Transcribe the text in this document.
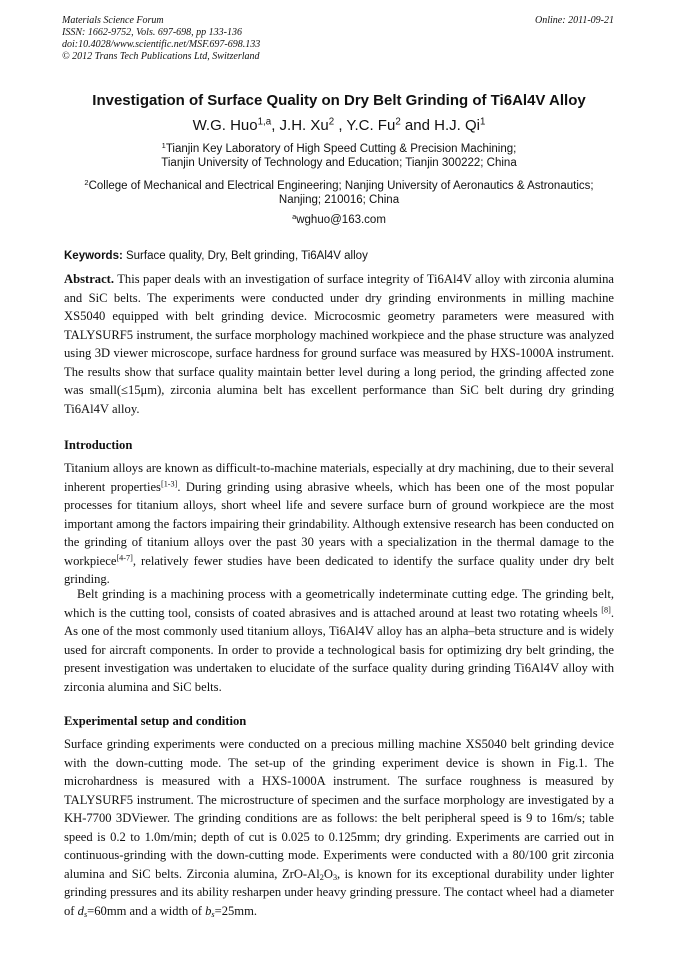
Materials Science Forum
ISSN: 1662-9752, Vols. 697-698, pp 133-136
doi:10.4028/www.scientific.net/MSF.697-698.133
© 2012 Trans Tech Publications Ltd, Switzerland
Online: 2011-09-21
Investigation of Surface Quality on Dry Belt Grinding of Ti6Al4V Alloy
W.G. Huo$^{1,a}$, J.H. Xu$^2$ , Y.C. Fu$^2$ and H.J. Qi$^1$
$^1$Tianjin Key Laboratory of High Speed Cutting & Precision Machining;
Tianjin University of Technology and Education; Tianjin 300222; China
$^2$College of Mechanical and Electrical Engineering; Nanjing University of Aeronautics & Astronautics;
Nanjing; 210016; China
$^a$wghuo@163.com
Keywords: Surface quality, Dry, Belt grinding, Ti6Al4V alloy
Abstract. This paper deals with an investigation of surface integrity of Ti6Al4V alloy with zirconia alumina and SiC belts. The experiments were conducted under dry grinding environments in milling machine XS5040 equipped with belt grinding device. Microcosmic geometry parameters were measured with TALYSURF5 instrument, the surface morphology machined workpiece and the phase structure was analyzed using 3D viewer microscope, surface hardness for ground surface was measured by HXS-1000A instrument. The results show that surface quality maintain better level during a long period, the grinding affected zone was small(≤15μm), zirconia alumina belt has excellent performance than SiC belt during dry grinding Ti6Al4V alloy.
Introduction
Titanium alloys are known as difficult-to-machine materials, especially at dry machining, due to their several inherent properties[1-3]. During grinding using abrasive wheels, which has been one of the most popular processes for titanium alloys, short wheel life and severe surface burn of ground workpiece are the most important among the factors impairing their grindability. Although extensive research has been conducted on the grinding of titanium alloys over the past 30 years with a specialization in the thermal damage to the workpiece[4-7], relatively fewer studies have been dedicated to identify the surface quality under dry belt grinding.
Belt grinding is a machining process with a geometrically indeterminate cutting edge. The grinding belt, which is the cutting tool, consists of coated abrasives and is attached around at least two rotating wheels [8]. As one of the most commonly used titanium alloys, Ti6Al4V alloy has an alpha–beta structure and is widely used for aircraft components. In order to provide a technological basis for optimizing dry belt grinding, the present investigation was undertaken to elucidate of the surface quality during grinding Ti6Al4V alloy with zirconia alumina and SiC belts.
Experimental setup and condition
Surface grinding experiments were conducted on a precious milling machine XS5040 belt grinding device with the down-cutting mode. The set-up of the grinding experiment device is shown in Fig.1. The microhardness is measured with a HXS-1000A instrument. The surface roughness is measured by TALYSURF5 instrument. The microstructure of specimen and the surface morphology are investigated by a KH-7700 3DViewer. The grinding conditions are as follows: the belt peripheral speed is 9 to 16m/s; table speed is 0.2 to 1.0m/min; depth of cut is 0.025 to 0.125mm; dry grinding. Experiments are carried out in continuous-grinding with the down-cutting mode. Experiments were conducted with a 80/100 grit zirconia alumina and SiC belts. Zirconia alumina, ZrO-$Al_2O_3$, is known for its exceptional durability under lighter grinding pressures and its ability resharpen under heavy grinding pressure. The contact wheel had a diameter of $d_s=60mm$ and a width of $b_s=25mm$.
